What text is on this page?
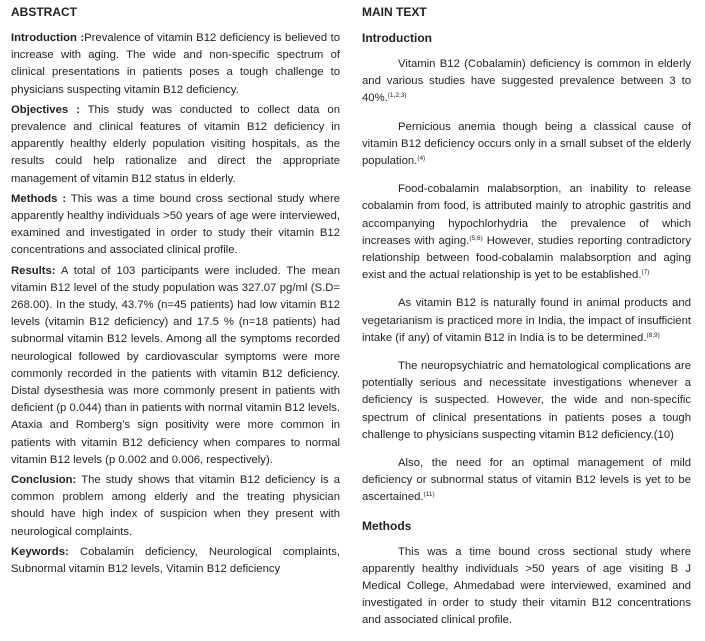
ABSTRACT

Introduction :Prevalence of vitamin B12 deficiency is believed to increase with aging. The wide and non-specific spectrum of clinical presentations in patients poses a tough challenge to physicians suspecting vitamin B12 deficiency.

Objectives : This study was conducted to collect data on prevalence and clinical features of vitamin B12 deficiency in apparently healthy elderly population visiting hospitals, as the results could help rationalize and direct the appropriate management of vitamin B12 status in elderly.

Methods : This was a time bound cross sectional study where apparently healthy individuals >50 years of age were interviewed, examined and investigated in order to study their vitamin B12 concentrations and associated clinical profile.

Results: A total of 103 participants were included. The mean vitamin B12 level of the study population was 327.07 pg/ml (S.D= 268.00). In the study, 43.7% (n=45 patients) had low vitamin B12 levels (vitamin B12 deficiency) and 17.5 % (n=18 patients) had subnormal vitamin B12 levels. Among all the symptoms recorded neurological followed by cardiovascular symptoms were more commonly recorded in the patients with vitamin B12 deficiency. Distal dysesthesia was more commonly present in patients with deficient (p 0.044) than in patients with normal vitamin B12 levels. Ataxia and Romberg’s sign positivity were more common in patients with vitamin B12 deficiency when compares to normal vitamin B12 levels (p 0.002 and 0.006, respectively).

Conclusion: The study shows that vitamin B12 deficiency is a common problem among elderly and the treating physician should have high index of suspicion when they present with neurological complaints.

Keywords: Cobalamin deficiency, Neurological complaints, Subnormal vitamin B12 levels, Vitamin B12 deficiency

MAIN TEXT
Introduction

Vitamin B12 (Cobalamin) deficiency is common in elderly and various studies have suggested prevalence between 3 to 40%.$^{(1,2,3)}$

Pernicious anemia though being a classical cause of vitamin B12 deficiency occurs only in a small subset of the elderly population.$^{(4)}$

Food-cobalamin malabsorption, an inability to release cobalamin from food, is attributed mainly to atrophic gastritis and accompanying hypochlorhydria the prevalence of which increases with aging.$^{(5,6)}$ However, studies reporting contradictory relationship between food-cobalamin malabsorption and aging exist and the actual relationship is yet to be established.$^{(7)}$

As vitamin B12 is naturally found in animal products and vegetarianism is practiced more in India, the impact of insufficient intake (if any) of vitamin B12 in India is to be determined.$^{(8,9)}$

The neuropsychiatric and hematological complications are potentially serious and necessitate investigations whenever a deficiency is suspected. However, the wide and non-specific spectrum of clinical presentations in patients poses a tough challenge to physicians suspecting vitamin B12 deficiency.(10)

Also, the need for an optimal management of mild deficiency or subnormal status of vitamin B12 levels is yet to be ascertained.$^{(11)}$

Methods

This was a time bound cross sectional study where apparently healthy individuals >50 years of age visiting B J Medical College, Ahmedabad were interviewed, examined and investigated in order to study their vitamin B12 concentrations and associated clinical profile.
